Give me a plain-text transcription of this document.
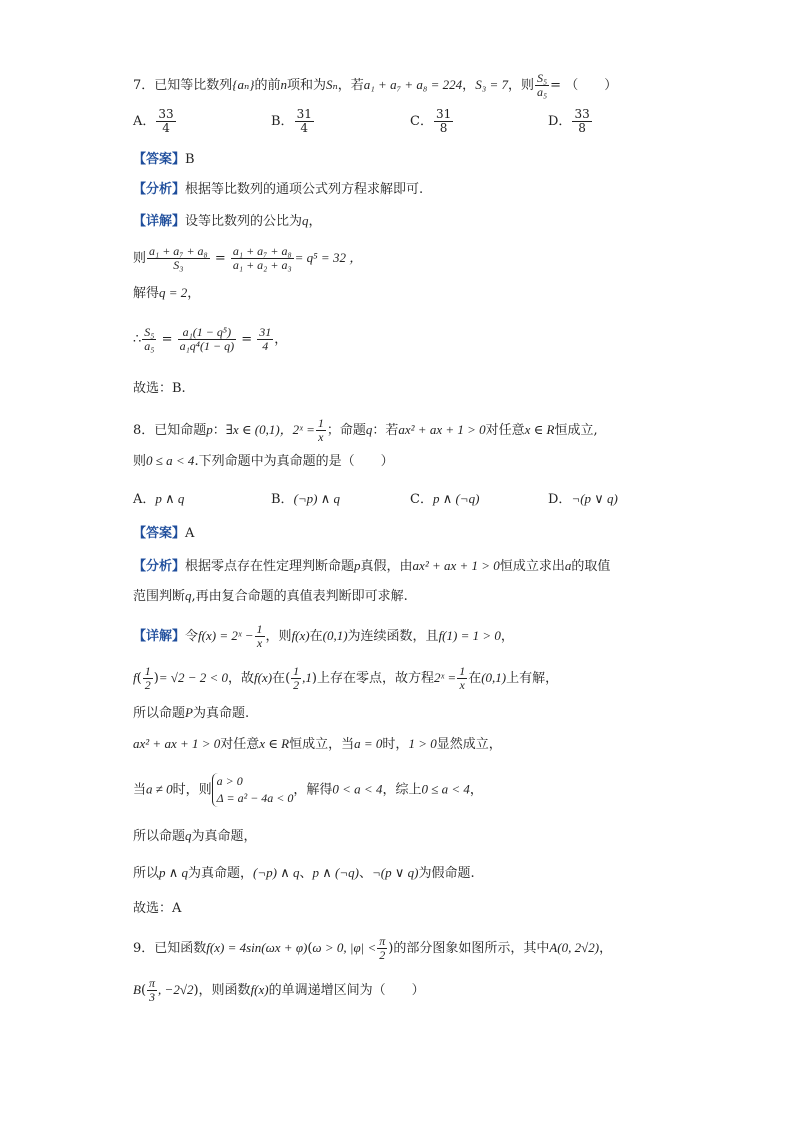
7．已知等比数列{aₙ}的前n项和为Sₙ，若a₁ + a₇ + a₈ = 224，S₃ = 7，则 $\frac{\text{S₅}}{\text{a₅}}$ = （　　）
A． $\frac{33}{4}$	B． $\frac{31}{4}$	C． $\frac{31}{8}$	D． $\frac{33}{8}$
【答案】B
【分析】根据等比数列的通项公式列方程求解即可.
【详解】设等比数列的公比为q，
则 $\frac{\text{a₁ + a₇ + a₈}}{\text{S₃}} = \frac{\text{a₁ + a₇ + a₈}}{\text{a₁ + a₂ + a₃}} = q^5 = 32$ ，
解得q = 2，
∴ $\frac{\text{S₅}}{\text{a₅}} = \frac{\text{a₁(1 − q⁵)}}{\text{a₁q⁴(1 − q)}} = \frac{31}{4}$ ，
故选：B.
8．已知命题p：∃x ∈ (0,1)，2ˣ = $\frac{1}{x}$ ；命题q：若ax² + ax + 1 > 0对任意x ∈ R恒成立,
则0 ≤ a < 4.下列命题中为真命题的是（　　）
A．p ∧ q	B．(¬p) ∧ q	C．p ∧ (¬q)	D．¬(p ∨ q)
【答案】A
【分析】根据零点存在性定理判断命题p真假，由ax² + ax + 1 > 0恒成立求出a的取值
范围判断q,再由复合命题的真值表判断即可求解.
【详解】令f(x) = 2ˣ − $\frac{1}{x}$ ，则f(x)在(0,1)为连续函数，且f(1) = 1 > 0，
$f( \frac{1}{2}$ )= √2 − 2 < 0，故f(x)在( $\frac{1}{2} ,1$)上存在零点，故方程2ˣ = $\frac{1}{x}$ 在(0,1)上有解，
所以命题P为真命题.
ax² + ax + 1 > 0对任意x ∈ R恒成立，当a = 0时，1 > 0显然成立，
当a ≠ 0时，则
a > 0
Δ = a² − 4a < 0
，解得0 < a < 4，综上0 ≤ a < 4，
所以命题q为真命题，
所以p ∧ q为真命题，(¬p) ∧ q、p ∧ (¬q)、¬(p ∨ q)为假命题.
故选：A
9．已知函数f(x) = 4sin(ωx + φ)(ω > 0, $|\varphi| < \frac{\pi}{2}$ )的部分图象如图所示，其中A(0, 2√2)，
$B( \frac{\pi}{3}$ , −2√2)，则函数f(x)的单调递增区间为（　　）
